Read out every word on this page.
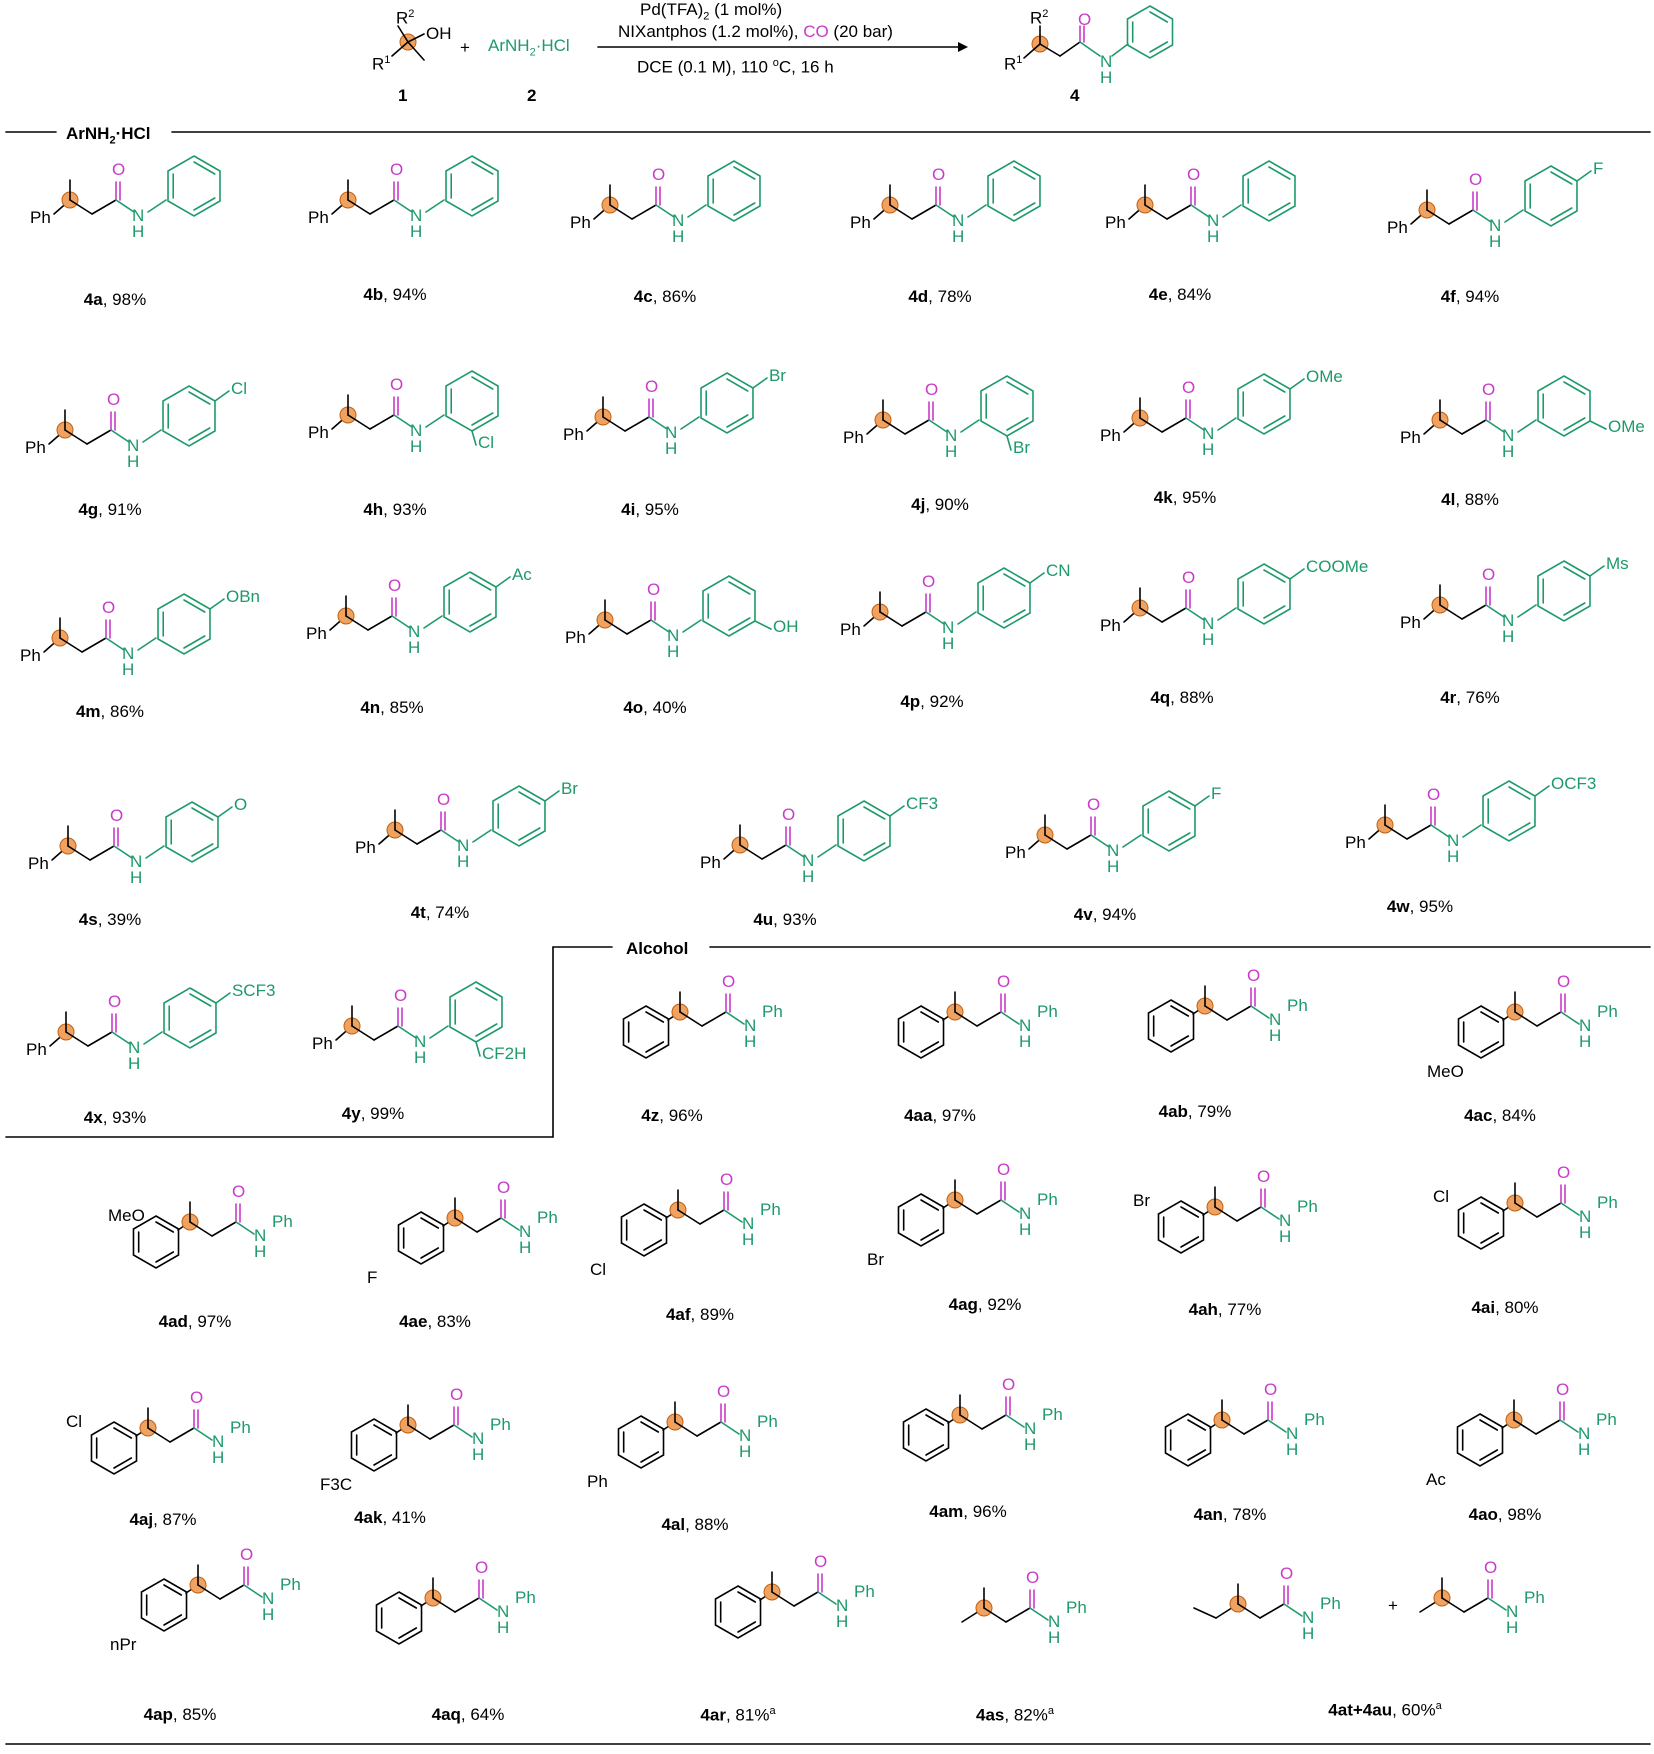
$R^2$
OH
$R^1$
1
+ ArNH$_2$·HCl
2
$Pd(TFA)_2$ (1 mol%)
NIXantphos (1.2 mol%), CO (20 bar)
DCE (0.1 M), 110 $^o$C, 16 h
$R^2$
$R^1$
O
N
H
4
ArNH$_2$·HCl
Alcohol
Ph
O
N
H
4a, 98%
Ph
O
N
H
4b, 94%
Ph
O
N
H
4c, 86%
Ph
O
N
H
4d, 78%
Ph
O
N
H
4e, 84%
Ph
O
N
H
F
4f, 94%
Ph
O
N
H
Cl
4g, 91%
Ph
O
N
H	Cl
4h, 93%
Ph
O
N
H
Br
4i, 95%
Ph
O
N
H	Br
4j, 90%
Ph
O
N
H
OMe
4k, 95%
Ph
O
N
H
OMe
4l, 88%
Ph
O
N
H
OBn
4m, 86%
Ph
O
N
H
Ac
4n, 85%
Ph
O
N
H
OH
4o, 40%
Ph
O
N
H
CN
4p, 92%
Ph
O
N
H
COOMe
4q, 88%
Ph
O
N
H
Ms
4r, 76%
Ph
O
N
H
O
4s, 39%
Ph
O
N
H
Br
4t, 74%
Ph
O
N
H
CF3
4u, 93%
Ph
O
N
H
F
4v, 94%
Ph
O
N
H
OCF3
4w, 95%
Ph
O
N
H
SCF3
4x, 93%
Ph
O
N
H	CF2H
4y, 99%
O
N
H
Ph
4z, 96%
O
N
H
Ph
4aa, 97%
O
N
H
Ph
4ab, 79%
O
N
H
Ph
MeO
4ac, 84%
O
N
H
Ph
MeO
4ad, 97%
O
N
H
Ph
F
4ae, 83%
O
N
H
Ph
Cl
4af, 89%
O
N
H
Ph
Br
4ag, 92%
O
N
H
Ph
Br
4ah, 77%
O
N
H
Ph
Cl
4ai, 80%
O
N
H
Ph
Cl
4aj, 87%
O
N
H
Ph
F3C
4ak, 41%
O
N
H
Ph
Ph
4al, 88%
O
N
H
Ph
4am, 96%
O
N
H
Ph
4an, 78%
O
N
H
Ph
Ac
4ao, 98%
O
N
H
Ph
nPr
4ap, 85%
O
N
H
Ph
4aq, 64%
O
N
H
Ph
4ar, 81%$^a$
O
N
H
Ph
4as, 82%$^a$
O
N
H
Ph	+
O
N
H
Ph
4at+4au, 60%$^a$
